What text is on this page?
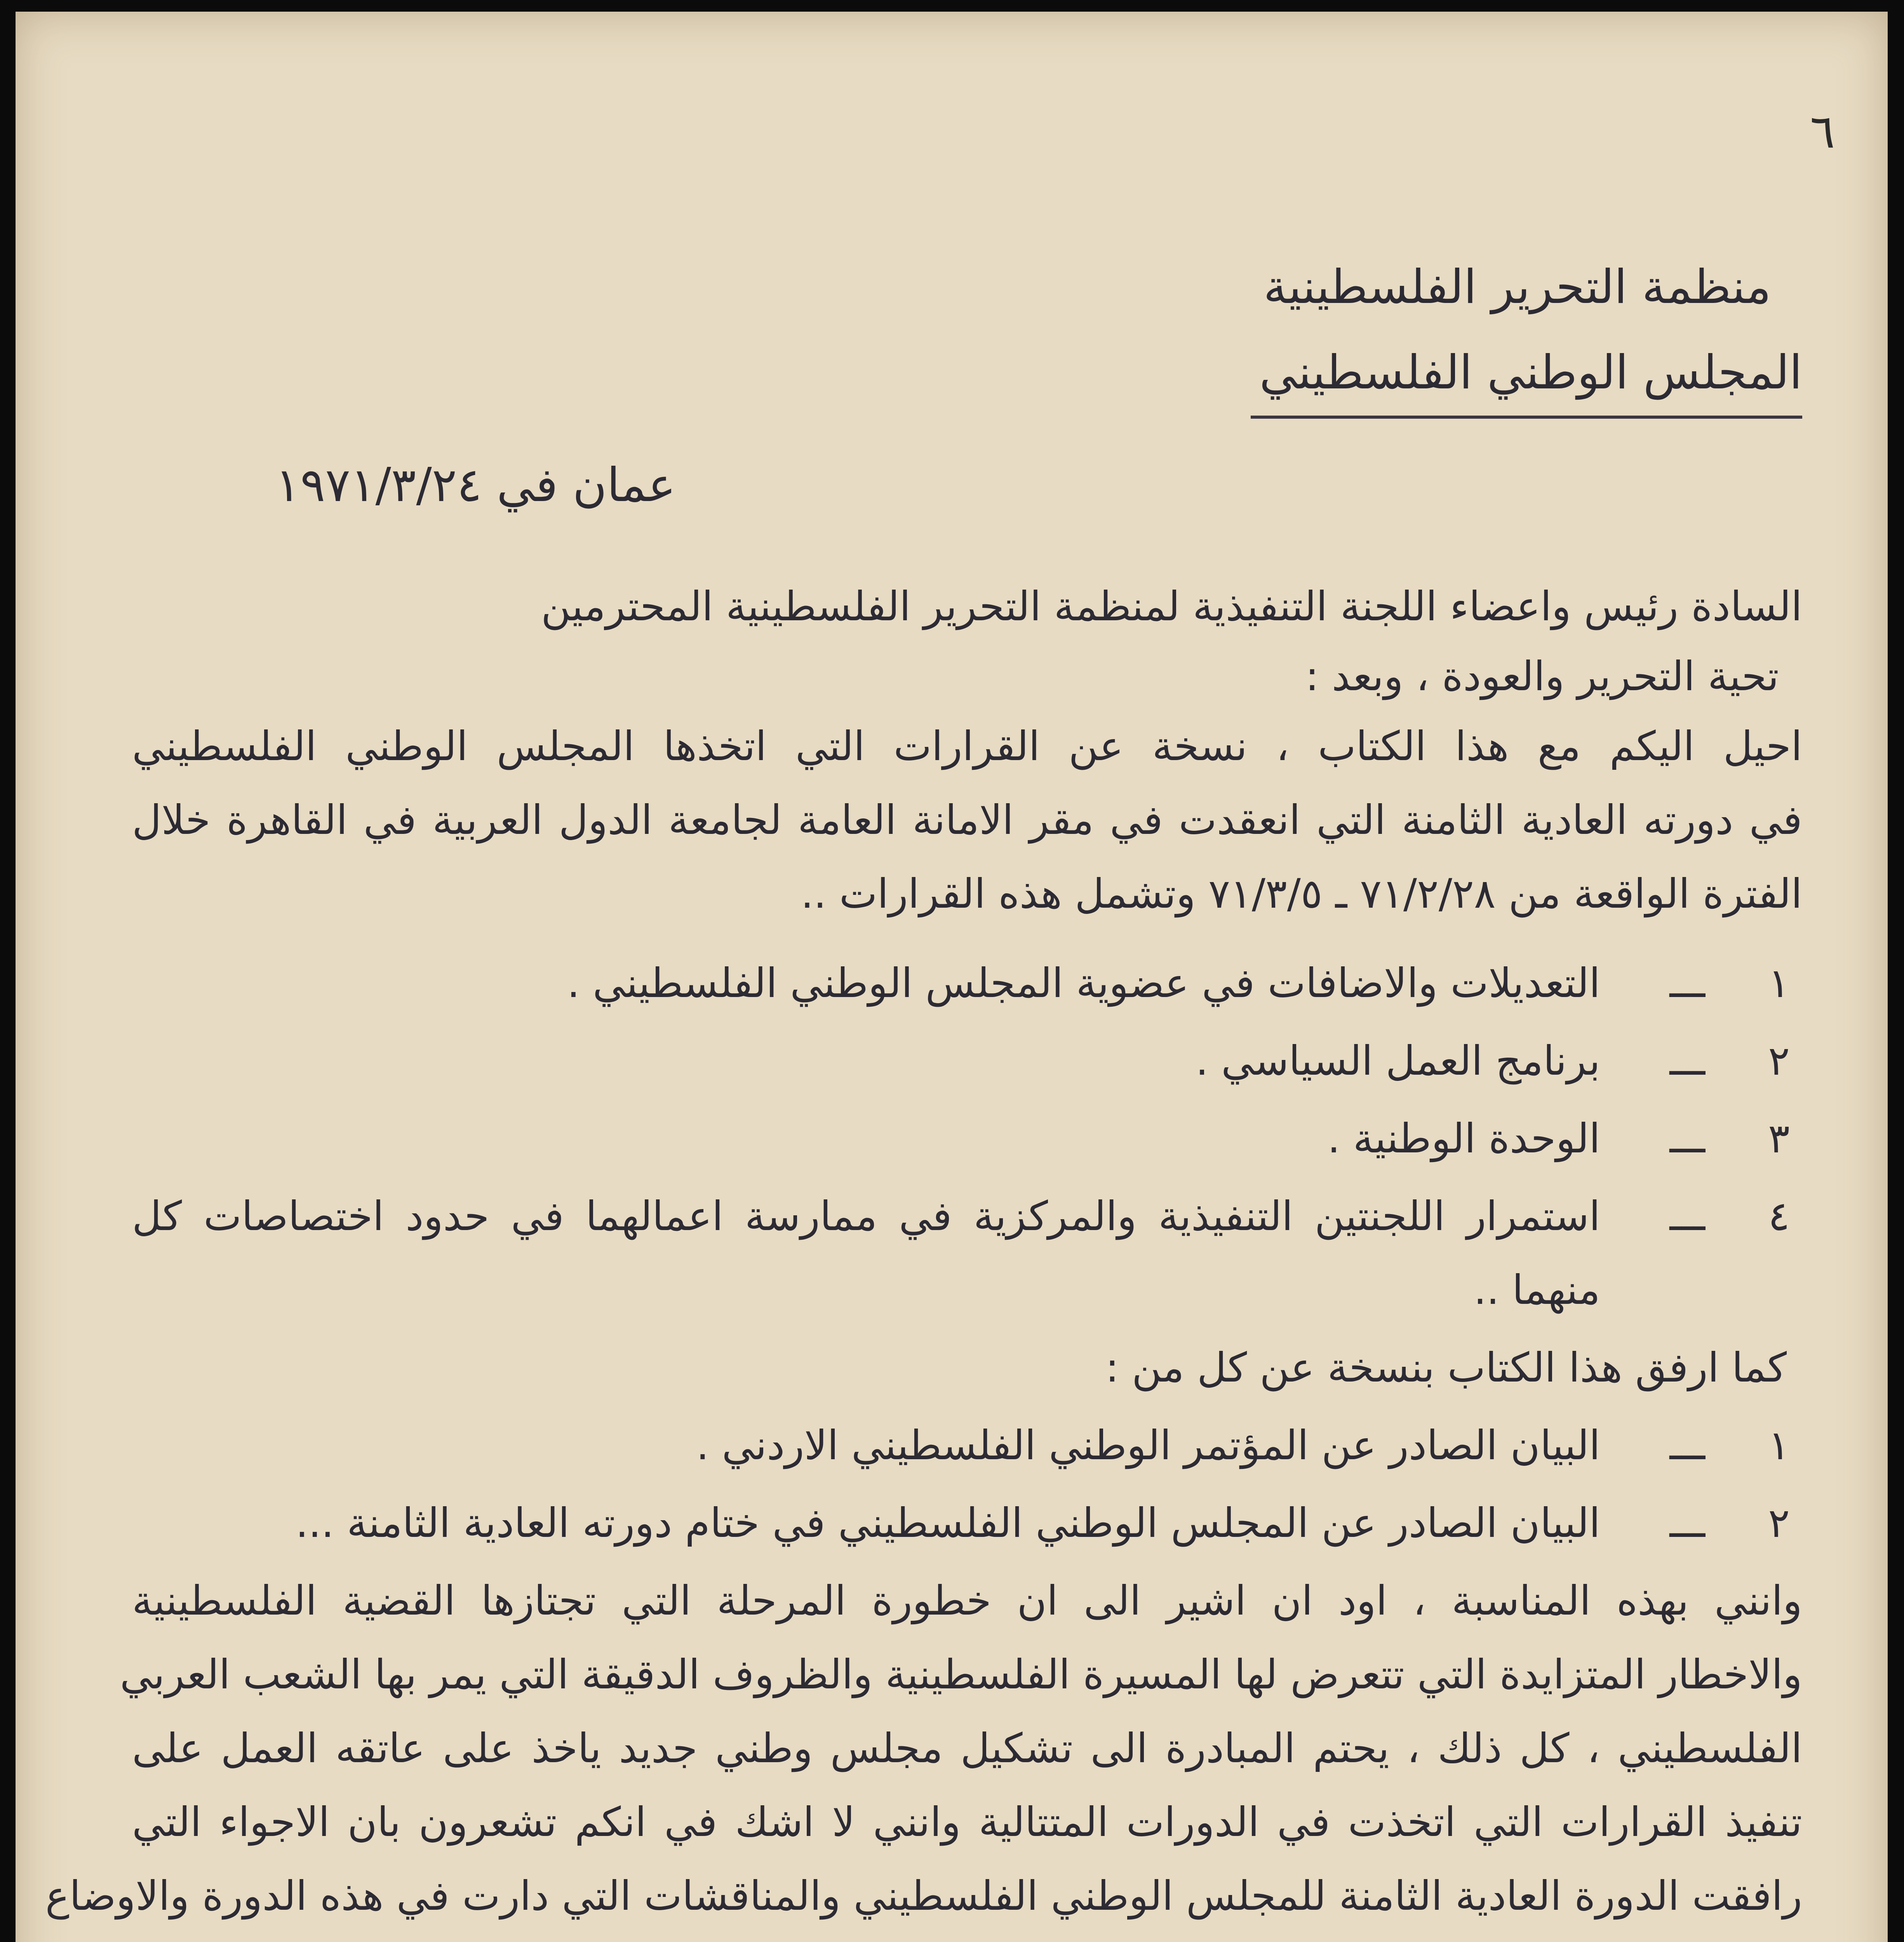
٦
منظمة التحرير الفلسطينية
المجلس الوطني الفلسطيني
عمان في ١٩٧١/٣/٢٤
السادة رئيس واعضاء اللجنة التنفيذية لمنظمة التحرير الفلسطينية المحترمين
تحية التحرير والعودة ، وبعد :
احيل اليكم مع هذا الكتاب ، نسخة عن القرارات التي اتخذها المجلس الوطني الفلسطيني
في دورته العادية الثامنة التي انعقدت في مقر الامانة العامة لجامعة الدول العربية في القاهرة خلال
الفترة الواقعة من ٧١/٢/٢٨ ـ ٧١/٣/٥ وتشمل هذه القرارات ..
١
ـــ
التعديلات والاضافات في عضوية المجلس الوطني الفلسطيني .
٢
ـــ
برنامج العمل السياسي .
٣
ـــ
الوحدة الوطنية .
٤
ـــ
استمرار اللجنتين التنفيذية والمركزية في ممارسة اعمالهما في حدود اختصاصات كل
منهما ..
كما ارفق هذا الكتاب بنسخة عن كل من :
١
ـــ
البيان الصادر عن المؤتمر الوطني الفلسطيني الاردني .
٢
ـــ
البيان الصادر عن المجلس الوطني الفلسطيني في ختام دورته العادية الثامنة ...
وانني بهذه المناسبة ، اود ان اشير الى ان خطورة المرحلة التي تجتازها القضية الفلسطينية
والاخطار المتزايدة التي تتعرض لها المسيرة الفلسطينية والظروف الدقيقة التي يمر بها الشعب العربي
الفلسطيني ، كل ذلك ، يحتم المبادرة الى تشكيل مجلس وطني جديد ياخذ على عاتقه العمل على
تنفيذ القرارات التي اتخذت في الدورات المتتالية وانني لا اشك في انكم تشعرون بان الاجواء التي
رافقت الدورة العادية الثامنة للمجلس الوطني الفلسطيني والمناقشات التي دارت في هذه الدورة والاوضاع
